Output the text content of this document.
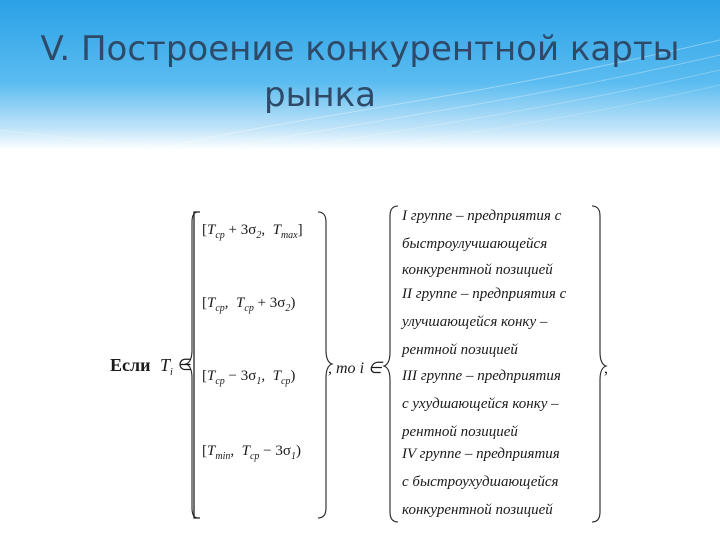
V. Построение конкурентной карты
рынка
Если $T_i$ ∈
[$T_{ср} + 3\sigma_2$, $T_{max}$]
[$T_{ср}$, $T_{ср} + 3\sigma_2$)
[$T_{ср} - 3\sigma_1$, $T_{ср}$)
[$T_{min}$, $T_{ср} - 3\sigma_1$)
, то i ∈
I группе – предприятия с
быстроулучшающейся
конкурентной позицией
II группе – предприятия с
улучшающейся конку –
рентной позицией
III группе – предприятия
с ухудшающейся конку –
рентной позицией
IV группе – предприятия
с быстроухудшающейся
конкурентной позицией
,
